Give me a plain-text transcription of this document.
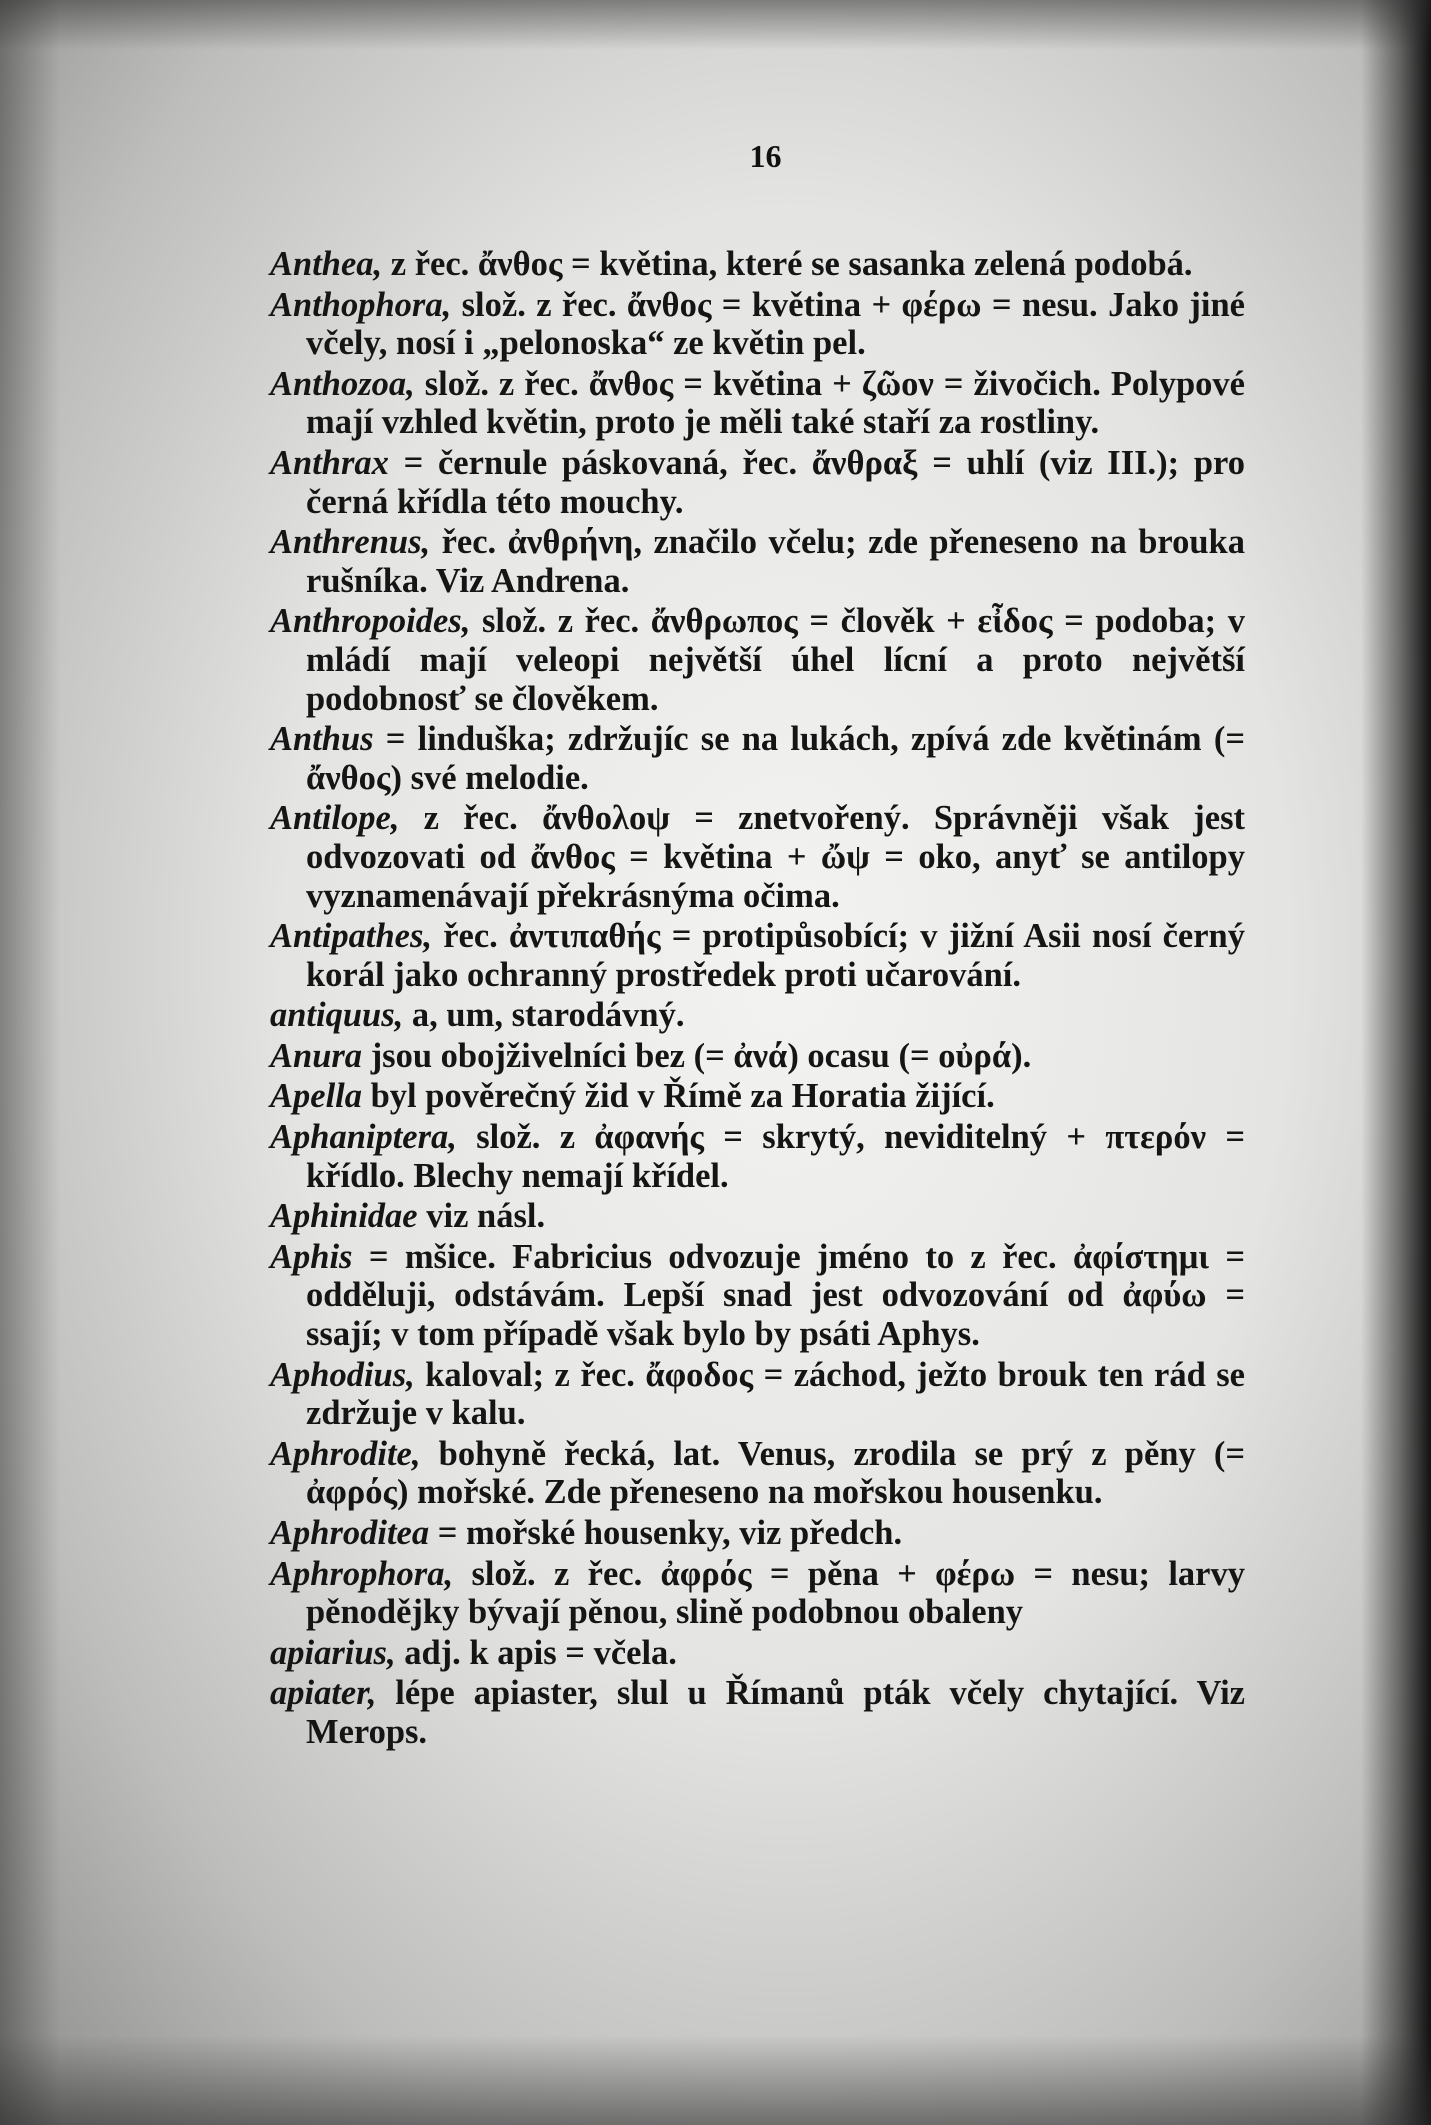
16

Anthea, z řec. ἄνθος = květina, které se sasanka zelená podobá.

Anthophora, slož. z řec. ἄνθος = květina + φέρω = nesu. Jako jiné včely, nosí i „pelonoska“ ze květin pel.

Anthozoa, slož. z řec. ἄνθος = květina + ζῶον = živočich. Polypové mají vzhled květin, proto je měli také staří za rostliny.

Anthrax = černule páskovaná, řec. ἄνθραξ = uhlí (viz III.); pro černá křídla této mouchy.

Anthrenus, řec. ἀνθρήνη, značilo včelu; zde přeneseno na brouka rušníka. Viz Andrena.

Anthropoides, slož. z řec. ἄνθρωπος = člověk + εἶδος = podoba; v mládí mají veleopi největší úhel lícní a proto největší podobnosť se člověkem.

Anthus = linduška; zdržujíc se na lukách, zpívá zde květinám (= ἄνθος) své melodie.

Antilope, z řec. ἄνθολοψ = znetvořený. Správněji však jest odvozovati od ἄνθος = květina + ὤψ = oko, anyť se antilopy vyznamenávají překrásnýma očima.

Antipathes, řec. ἀντιπαθής = protipůsobící; v jižní Asii nosí černý korál jako ochranný prostředek proti učarování.

antiquus, a, um, starodávný.

Anura jsou obojživelníci bez (= ἀνά) ocasu (= οὐρά).

Apella byl pověrečný žid v Římě za Horatia žijící.

Aphaniptera, slož. z ἀφανής = skrytý, neviditelný + πτερόν = křídlo. Blechy nemají křídel.

Aphinidae viz násl.

Aphis = mšice. Fabricius odvozuje jméno to z řec. ἀφίστημι = odděluji, odstávám. Lepší snad jest odvozování od ἀφύω = ssají; v tom případě však bylo by psáti Aphys.

Aphodius, kaloval; z řec. ἄφοδος = záchod, ježto brouk ten rád se zdržuje v kalu.

Aphrodite, bohyně řecká, lat. Venus, zrodila se prý z pěny (= ἀφρός) mořské. Zde přeneseno na mořskou housenku.

Aphroditea = mořské housenky, viz předch.

Aphrophora, slož. z řec. ἀφρός = pěna + φέρω = nesu; larvy pěnodějky bývají pěnou, slině podobnou obaleny

apiarius, adj. k apis = včela.

apiater, lépe apiaster, slul u Římanů pták včely chytající. Viz Merops.
